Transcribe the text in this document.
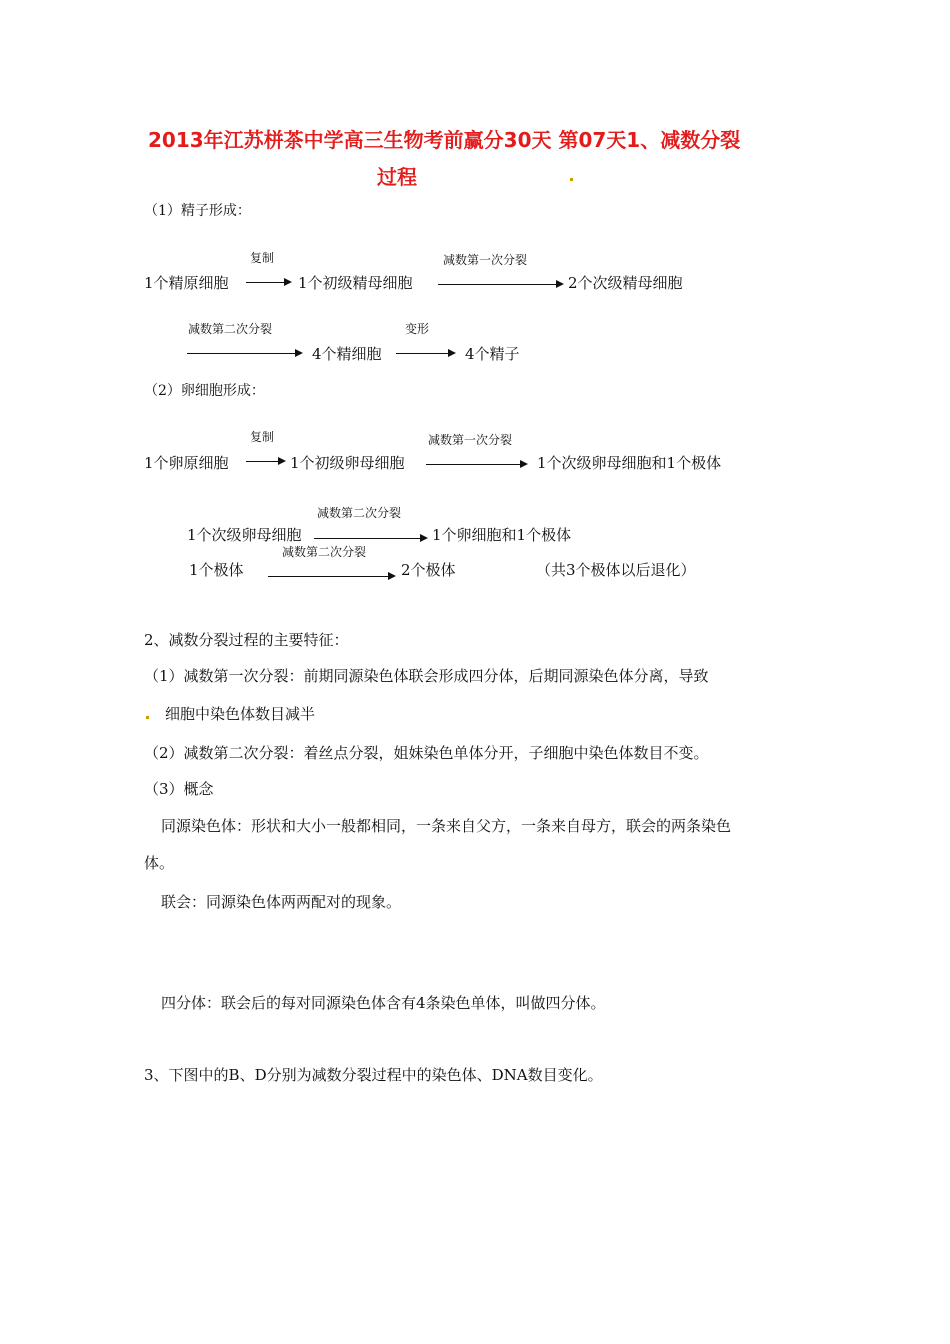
2013年江苏栟茶中学高三生物考前赢分30天 第07天1、减数分裂
过程
（1）精子形成：
1个精原细胞
复制
1个初级精母细胞
减数第一次分裂
2个次级精母细胞
减数第二次分裂
4个精细胞
变形
4个精子
（2）卵细胞形成：
1个卵原细胞
复制
1个初级卵母细胞
减数第一次分裂
1个次级卵母细胞和1个极体
减数第二次分裂
1个次级卵母细胞	1个卵细胞和1个极体
1个极体
减数第二次分裂
2个极体	（共3个极体以后退化）
2、减数分裂过程的主要特征：
（1）减数第一次分裂：前期同源染色体联会形成四分体，后期同源染色体分离，导致
细胞中染色体数目减半
（2）减数第二次分裂：着丝点分裂，姐妹染色单体分开，子细胞中染色体数目不变。
（3）概念
同源染色体：形状和大小一般都相同，一条来自父方，一条来自母方，联会的两条染色
体。
联会：同源染色体两两配对的现象。
四分体：联会后的每对同源染色体含有4条染色单体，叫做四分体。
3、下图中的B、D分别为减数分裂过程中的染色体、DNA数目变化。
